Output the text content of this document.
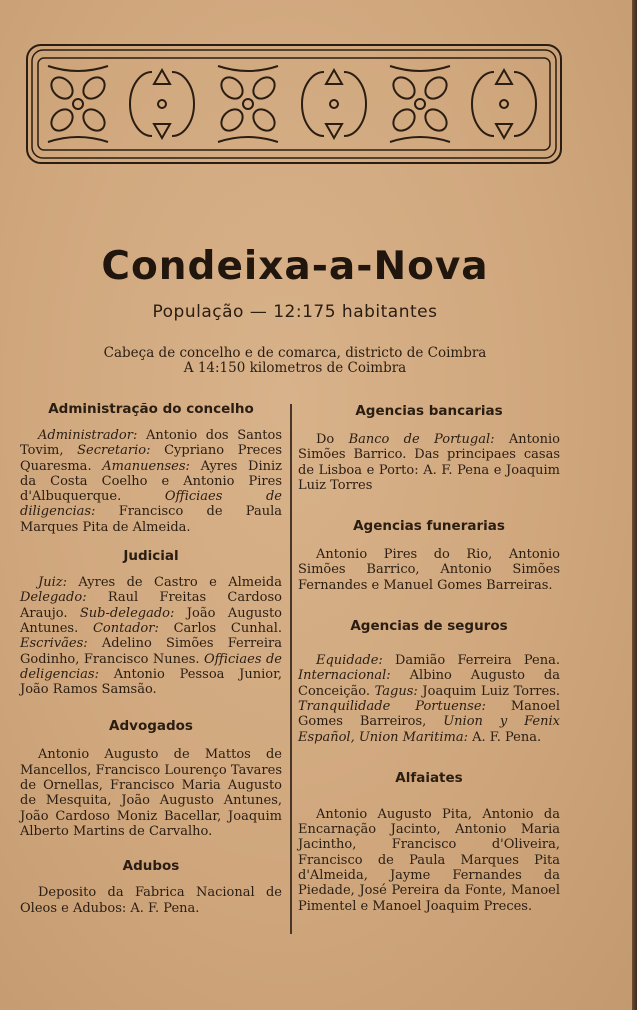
Condeixa-a-Nova
População — 12:175 habitantes
Cabeça de concelho e de comarca, districto de Coimbra
A 14:150 kilometros de Coimbra
Administração do concelho

Administrador: Antonio dos Santos Tovim, Secretario: Cypriano Preces Quaresma. Amanuenses: Ayres Diniz da Costa Coelho e Antonio Pires d'Albuquerque. Officiaes de diligencias: Francisco de Paula Marques Pita de Almeida.

Judicial

Juiz: Ayres de Castro e Almeida Delegado: Raul Freitas Cardoso Araujo. Sub-delegado: João Augusto Antunes. Contador: Carlos Cunhal. Escrivães: Adelino Simões Ferreira Godinho, Francisco Nunes. Officiaes de deligencias: Antonio Pessoa Junior, João Ramos Samsão.

Advogados

Antonio Augusto de Mattos de Mancellos, Francisco Lourenço Tavares de Ornellas, Francisco Maria Augusto de Mesquita, João Augusto Antunes, João Cardoso Moniz Bacellar, Joaquim Alberto Martins de Carvalho.

Adubos

Deposito da Fabrica Nacional de Oleos e Adubos: A. F. Pena.

Agencias bancarias

Do Banco de Portugal: Antonio Simões Barrico. Das principaes casas de Lisboa e Porto: A. F. Pena e Joaquim Luiz Torres

Agencias funerarias

Antonio Pires do Rio, Antonio Simões Barrico, Antonio Simões Fernandes e Manuel Gomes Barreiras.

Agencias de seguros

Equidade: Damião Ferreira Pena. Internacional: Albino Augusto da Conceição. Tagus: Joaquim Luiz Torres. Tranquilidade Portuense: Manoel Gomes Barreiros, Union y Fenix Español, Union Maritima: A. F. Pena.

Alfaiates

Antonio Augusto Pita, Antonio da Encarnação Jacinto, Antonio Maria Jacintho, Francisco d'Oliveira, Francisco de Paula Marques Pita d'Almeida, Jayme Fernandes da Piedade, José Pereira da Fonte, Manoel Pimentel e Manoel Joaquim Preces.
